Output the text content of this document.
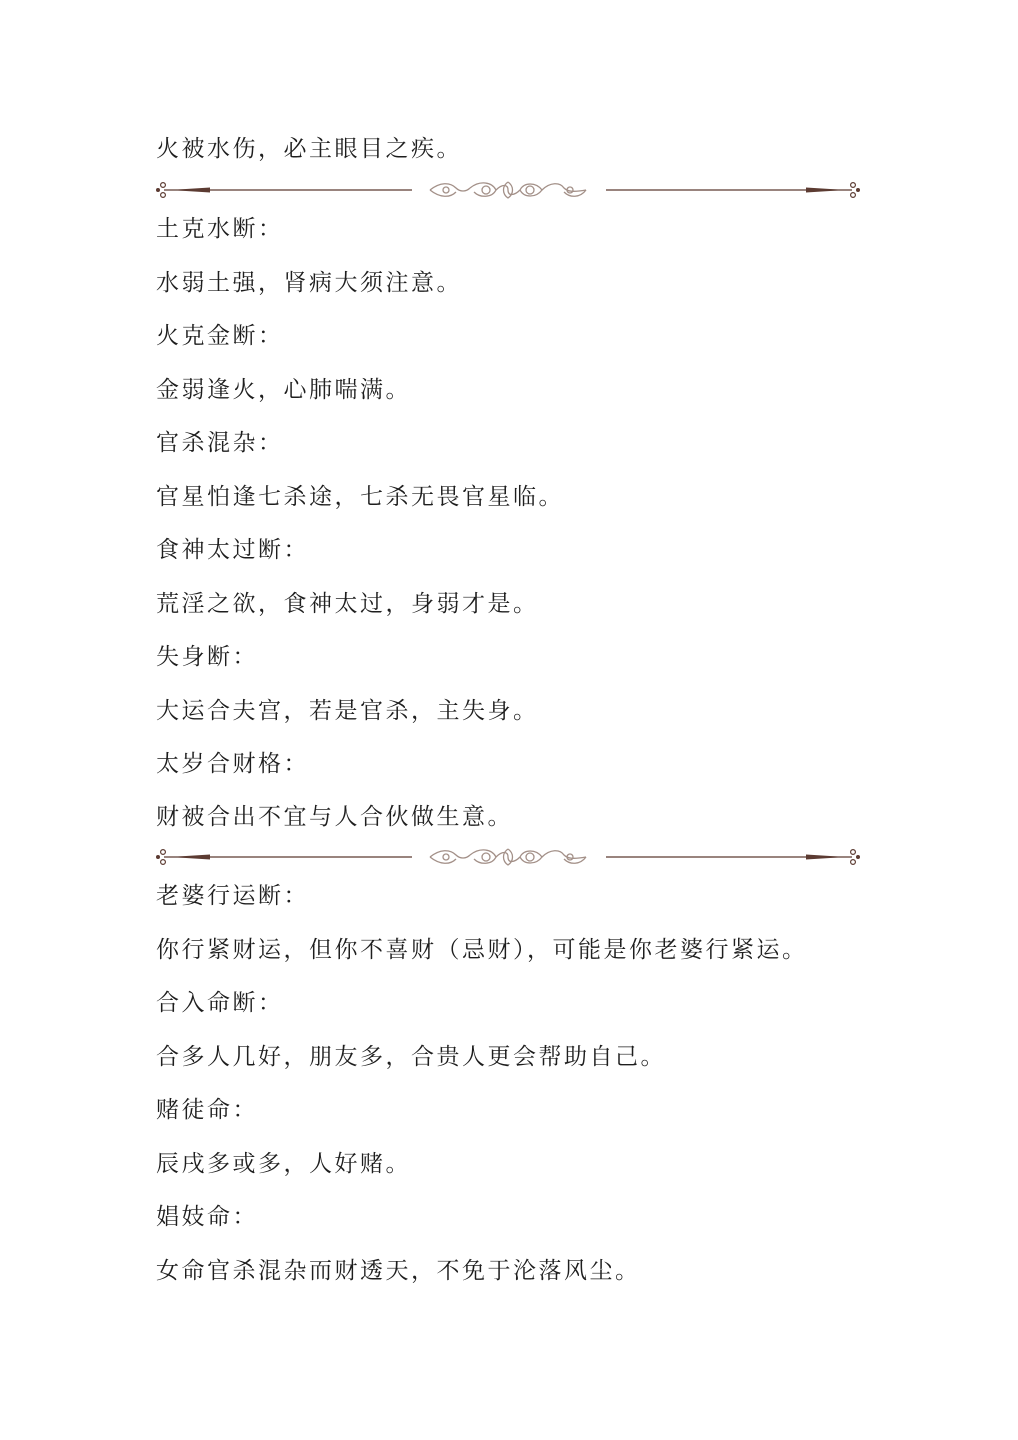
火被水伤，必主眼目之疾。
土克水断：
水弱土强，肾病大须注意。
火克金断：
金弱逢火，心肺喘满。
官杀混杂：
官星怕逢七杀途，七杀无畏官星临。
食神太过断：
荒淫之欲，食神太过，身弱才是。
失身断：
大运合夫宫，若是官杀，主失身。
太岁合财格：
财被合出不宜与人合伙做生意。
老婆行运断：
你行紧财运，但你不喜财（忌财），可能是你老婆行紧运。
合入命断：
合多人几好，朋友多，合贵人更会帮助自己。
赌徒命：
辰戌多或多，人好赌。
娼妓命：
女命官杀混杂而财透天，不免于沦落风尘。
